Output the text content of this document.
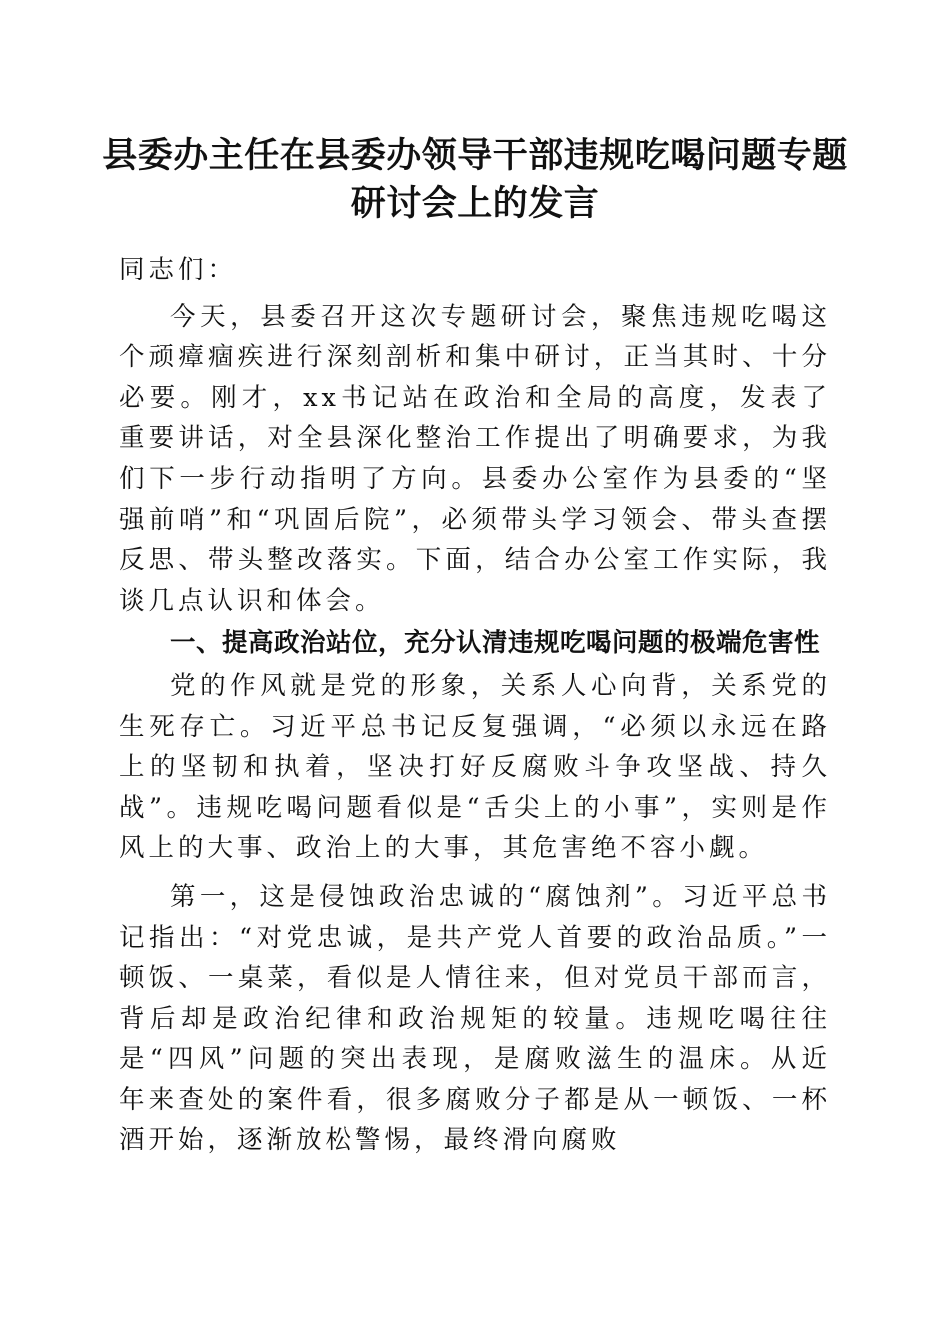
县委办主任在县委办领导干部违规吃喝问题专题研讨会上的发言

同志们：

今天，县委召开这次专题研讨会，聚焦违规吃喝这个顽瘴痼疾进行深刻剖析和集中研讨，正当其时、十分必要。刚才，xx书记站在政治和全局的高度，发表了重要讲话，对全县深化整治工作提出了明确要求，为我们下一步行动指明了方向。县委办公室作为县委的“坚强前哨”和“巩固后院”，必须带头学习领会、带头查摆反思、带头整改落实。下面，结合办公室工作实际，我谈几点认识和体会。

一、提高政治站位，充分认清违规吃喝问题的极端危害性

党的作风就是党的形象，关系人心向背，关系党的生死存亡。习近平总书记反复强调，“必须以永远在路上的坚韧和执着，坚决打好反腐败斗争攻坚战、持久战”。违规吃喝问题看似是“舌尖上的小事”，实则是作风上的大事、政治上的大事，其危害绝不容小觑。

第一，这是侵蚀政治忠诚的“腐蚀剂”。习近平总书记指出：“对党忠诚，是共产党人首要的政治品质。”一顿饭、一桌菜，看似是人情往来，但对党员干部而言，背后却是政治纪律和政治规矩的较量。违规吃喝往往是“四风”问题的突出表现，是腐败滋生的温床。从近年来查处的案件看，很多腐败分子都是从一顿饭、一杯酒开始，逐渐放松警惕，最终滑向腐败
